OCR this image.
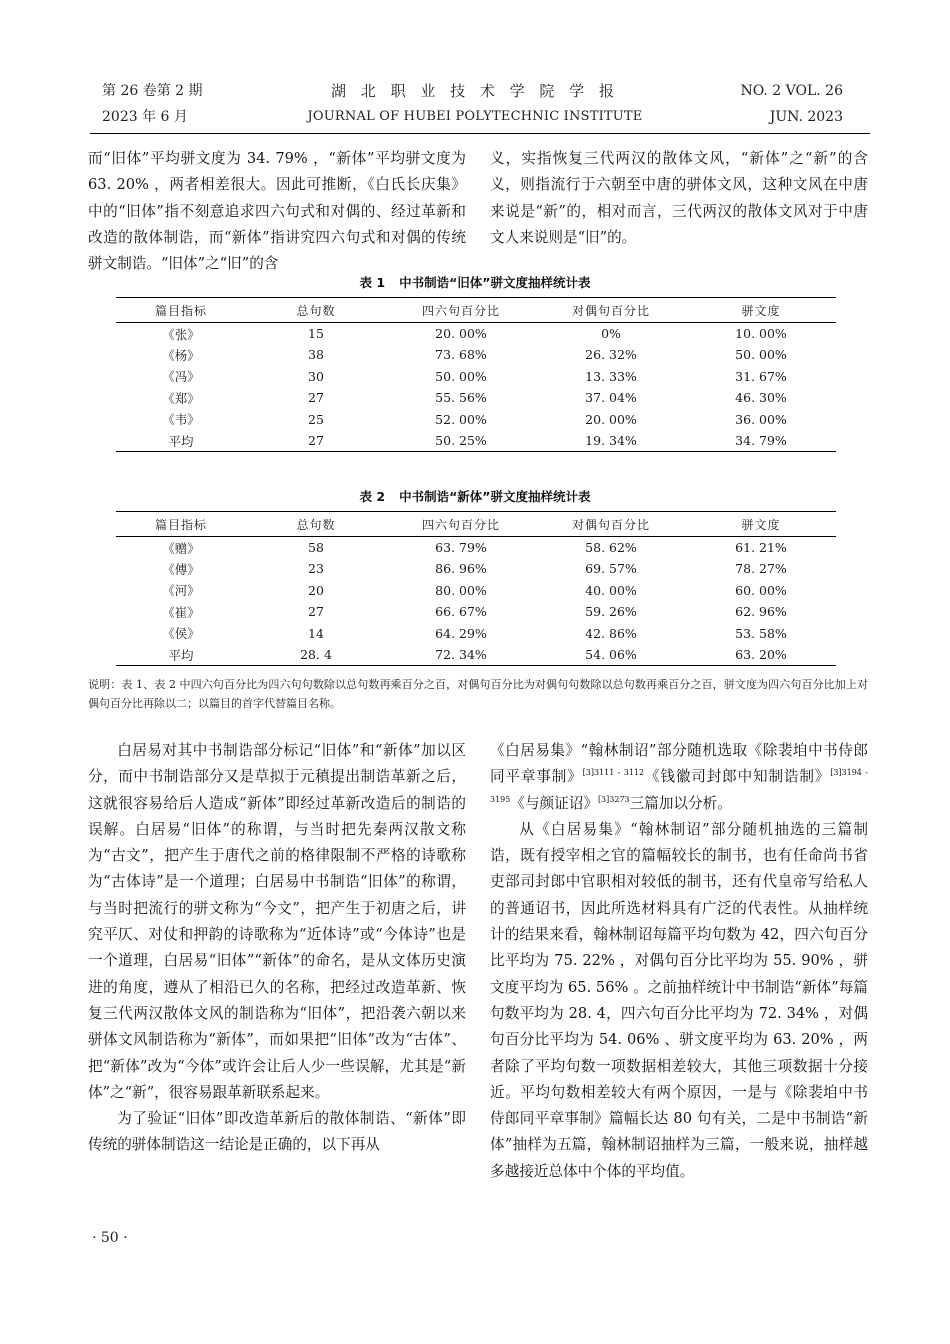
第 26 卷第 2 期
2023 年 6 月
湖 北 职 业 技 术 学 院 学 报
JOURNAL OF HUBEI POLYTECHNIC INSTITUTE
NO. 2 VOL. 26
JUN. 2023

而“旧体”平均骈文度为 34. 79% ，“新体”平均骈文度为 63. 20% ，两者相差很大。因此可推断，《白氏长庆集》中的“旧体”指不刻意追求四六句式和对偶的、经过革新和改造的散体制诰，而“新体”指讲究四六句式和对偶的传统骈文制诰。“旧体”之“旧”的含

义，实指恢复三代两汉的散体文风，“新体”之“新”的含义，则指流行于六朝至中唐的骈体文风，这种文风在中唐来说是“新”的，相对而言，三代两汉的散体文风对于中唐文人来说则是“旧”的。

表 1 中书制诰“旧体”骈文度抽样统计表
篇目指标	总句数	四六句百分比	对偶句百分比	骈文度
《张》	15	20. 00%	0%	10. 00%
《杨》	38	73. 68%	26. 32%	50. 00%
《冯》	30	50. 00%	13. 33%	31. 67%
《郑》	27	55. 56%	37. 04%	46. 30%
《韦》	25	52. 00%	20. 00%	36. 00%
平均	27	50. 25%	19. 34%	34. 79%
表 2 中书制诰“新体”骈文度抽样统计表
篇目指标	总句数	四六句百分比	对偶句百分比	骈文度
《赠》	58	63. 79%	58. 62%	61. 21%
《傅》	23	86. 96%	69. 57%	78. 27%
《河》	20	80. 00%	40. 00%	60. 00%
《崔》	27	66. 67%	59. 26%	62. 96%
《侯》	14	64. 29%	42. 86%	53. 58%
平均	28. 4	72. 34%	54. 06%	63. 20%
说明：表 1、表 2 中四六句百分比为四六句句数除以总句数再乘百分之百，对偶句百分比为对偶句句数除以总句数再乘百分之百，骈文度为四六句百分比加上对偶句百分比再除以二；以篇目的首字代替篇目名称。

白居易对其中书制诰部分标记“旧体”和“新体”加以区分，而中书制诰部分又是草拟于元稹提出制诰革新之后，这就很容易给后人造成“新体”即经过革新改造后的制诰的误解。白居易“旧体”的称谓，与当时把先秦两汉散文称为“古文”，把产生于唐代之前的格律限制不严格的诗歌称为“古体诗”是一个道理；白居易中书制诰“旧体”的称谓，与当时把流行的骈文称为“今文”，把产生于初唐之后，讲究平仄、对仗和押韵的诗歌称为“近体诗”或“今体诗”也是一个道理，白居易“旧体”“新体”的命名，是从文体历史演进的角度，遵从了相沿已久的名称，把经过改造革新、恢复三代两汉散体文风的制诰称为“旧体”，把沿袭六朝以来骈体文风制诰称为“新体”，而如果把“旧体”改为“古体”、把“新体”改为“今体”或许会让后人少一些误解，尤其是“新体”之“新”，很容易跟革新联系起来。

为了验证“旧体”即改造革新后的散体制诰、“新体”即传统的骈体制诰这一结论是正确的，以下再从

《白居易集》“翰林制诏”部分随机选取《除裴垍中书侍郎同平章事制》$^{[3]3111 - 3112}$《钱徽司封郎中知制诰制》$^{[3]3194 - 3195}$《与颜证诏》$^{[3]3273}$三篇加以分析。

从《白居易集》“翰林制诏”部分随机抽选的三篇制诰，既有授宰相之官的篇幅较长的制书，也有任命尚书省吏部司封郎中官职相对较低的制书，还有代皇帝写给私人的普通诏书，因此所选材料具有广泛的代表性。从抽样统计的结果来看，翰林制诏每篇平均句数为 42，四六句百分比平均为 75. 22% ，对偶句百分比平均为 55. 90% ，骈文度平均为 65. 56% 。之前抽样统计中书制诰“新体”每篇句数平均为 28. 4，四六句百分比平均为 72. 34% ，对偶句百分比平均为 54. 06% 、骈文度平均为 63. 20% ，两者除了平均句数一项数据相差较大，其他三项数据十分接近。平均句数相差较大有两个原因，一是与《除裴垍中书侍郎同平章事制》篇幅长达 80 句有关，二是中书制诰“新体”抽样为五篇，翰林制诏抽样为三篇，一般来说，抽样越多越接近总体中个体的平均值。

· 50 ·
